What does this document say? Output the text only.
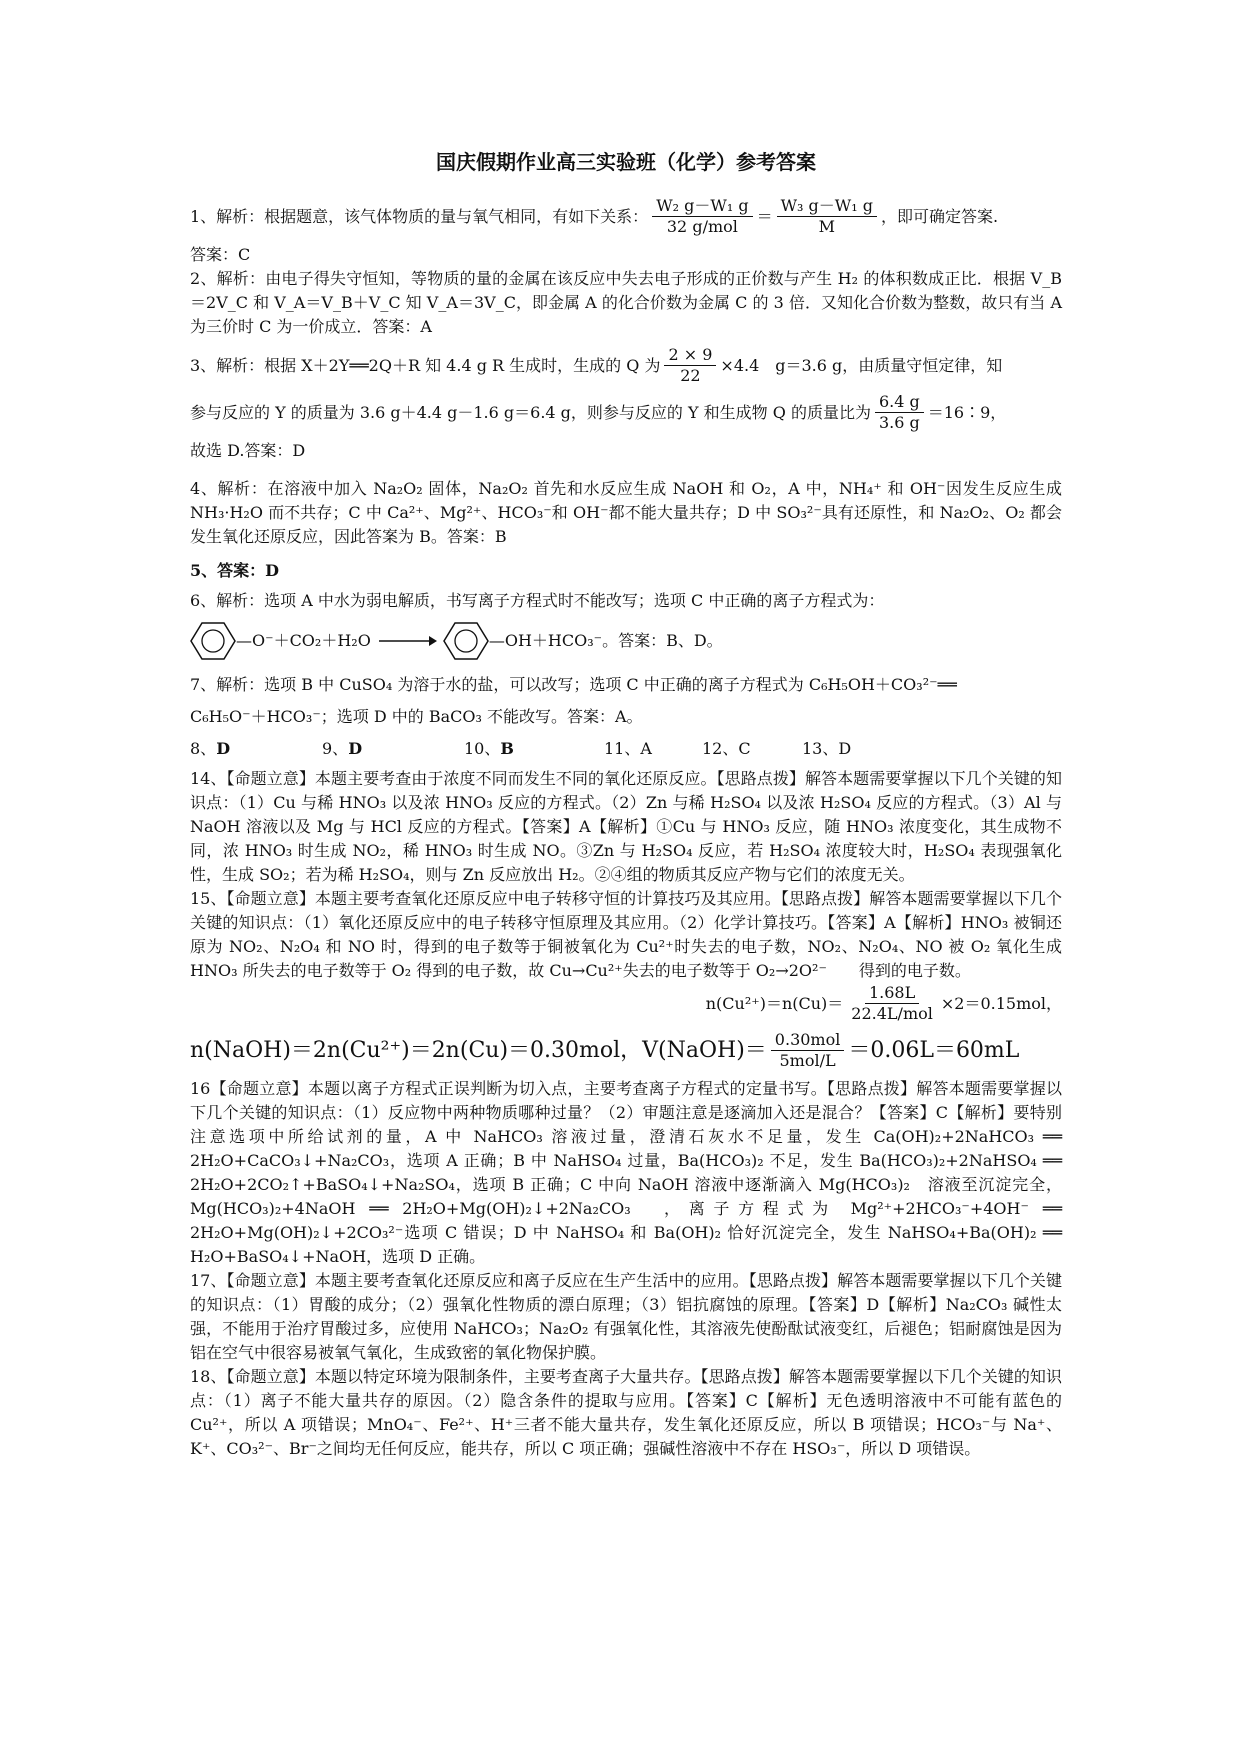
国庆假期作业高三实验班（化学）参考答案
1、解析：根据题意，该气体物质的量与氧气相同，有如下关系： $\frac{\text{W₂ g－W₁ g}}{\text{32 g/mol}} = \frac{\text{W₃ g－W₁ g}}{M}$ ，即可确定答案.
答案：C
2、解析：由电子得失守恒知，等物质的量的金属在该反应中失去电子形成的正价数与产生 H₂ 的体积数成正比．根据 V_B＝2V_C 和 V_A＝V_B＋V_C 知 V_A＝3V_C，即金属 A 的化合价数为金属 C 的 3 倍．又知化合价数为整数，故只有当 A 为三价时 C 为一价成立．答案：A
3、解析：根据 X＋2Y══2Q＋R 知 4.4 g R 生成时，生成的 Q 为 $\frac{2 \times 9}{22} \times 4.4$　g＝3.6 g，由质量守恒定律，知
参与反应的 Y 的质量为 3.6 g＋4.4 g－1.6 g＝6.4 g，则参与反应的 Y 和生成物 Q 的质量比为 $\frac{6.4 g}{3.6 g}$ ＝16∶9，
故选 D.答案：D
4、解析：在溶液中加入 Na₂O₂ 固体，Na₂O₂ 首先和水反应生成 NaOH 和 O₂，A 中，NH₄⁺ 和 OH⁻因发生反应生成 NH₃·H₂O 而不共存；C 中 Ca²⁺、Mg²⁺、HCO₃⁻和 OH⁻都不能大量共存；D 中 SO₃²⁻具有还原性，和 Na₂O₂、O₂ 都会发生氧化还原反应，因此答案为 B。答案：B
5、答案：D
6、解析：选项 A 中水为弱电解质，书写离子方程式时不能改写；选项 C 中正确的离子方程式为：
—O⁻＋CO₂＋H₂O →	—OH＋HCO₃⁻。答案：B、D。
7、解析：选项 B 中 CuSO₄ 为溶于水的盐，可以改写；选项 C 中正确的离子方程式为 C₆H₅OH＋CO₃²⁻══
C₆H₅O⁻＋HCO₃⁻；选项 D 中的 BaCO₃ 不能改写。答案：A。
8、D	9、D	10、B	11、A	12、C	13、D
14、【命题立意】本题主要考查由于浓度不同而发生不同的氧化还原反应。【思路点拨】解答本题需要掌握以下几个关键的知识点：（1）Cu 与稀 HNO₃ 以及浓 HNO₃ 反应的方程式。（2）Zn 与稀 H₂SO₄ 以及浓 H₂SO₄ 反应的方程式。（3）Al 与 NaOH 溶液以及 Mg 与 HCl 反应的方程式。【答案】A【解析】①Cu 与 HNO₃ 反应，随 HNO₃ 浓度变化，其生成物不同，浓 HNO₃ 时生成 NO₂，稀 HNO₃ 时生成 NO。③Zn 与 H₂SO₄ 反应，若 H₂SO₄ 浓度较大时，H₂SO₄ 表现强氧化性，生成 SO₂；若为稀 H₂SO₄，则与 Zn 反应放出 H₂。②④组的物质其反应产物与它们的浓度无关。
15、【命题立意】本题主要考查氧化还原反应中电子转移守恒的计算技巧及其应用。【思路点拨】解答本题需要掌握以下几个关键的知识点：（1）氧化还原反应中的电子转移守恒原理及其应用。（2）化学计算技巧。【答案】A【解析】HNO₃ 被铜还原为 NO₂、N₂O₄ 和 NO 时，得到的电子数等于铜被氧化为 Cu²⁺时失去的电子数，NO₂、N₂O₄、NO 被 O₂ 氧化生成 HNO₃ 所失去的电子数等于 O₂ 得到的电子数，故 Cu→Cu²⁺失去的电子数等于 O₂→2O²⁻　　得到的电子数。
$n(Cu^{2+})=n(Cu)= \frac{1.68L}{\text{22.4L/mol}} \times 2=0.15mol$，
n(NaOH)＝2n(Cu²⁺)＝2n(Cu)＝0.30mol，V(NaOH)＝ $\frac{\text{0.30mol}}{\text{5mol/L}} =0.06L=60mL$
16【命题立意】本题以离子方程式正误判断为切入点，主要考查离子方程式的定量书写。【思路点拨】解答本题需要掌握以下几个关键的知识点：（1）反应物中两种物质哪种过量？（2）审题注意是逐滴加入还是混合？【答案】C【解析】要特别注意选项中所给试剂的量，A 中 NaHCO₃ 溶液过量，澄清石灰水不足量，发生 Ca(OH)₂+2NaHCO₃ ══ 2H₂O+CaCO₃↓+Na₂CO₃，选项 A 正确；B 中 NaHSO₄ 过量，Ba(HCO₃)₂ 不足，发生 Ba(HCO₃)₂+2NaHSO₄ ══ 2H₂O+2CO₂↑+BaSO₄↓+Na₂SO₄，选项 B 正确；C 中向 NaOH 溶液中逐渐滴入 Mg(HCO₃)₂　溶液至沉淀完全，Mg(HCO₃)₂+4NaOH ══ 2H₂O+Mg(OH)₂↓+2Na₂CO₃　，离子方程式为 Mg²⁺+2HCO₃⁻+4OH⁻ ══ 2H₂O+Mg(OH)₂↓+2CO₃²⁻选项 C 错误；D 中 NaHSO₄ 和 Ba(OH)₂ 恰好沉淀完全，发生 NaHSO₄+Ba(OH)₂ ══ H₂O+BaSO₄↓+NaOH，选项 D 正确。
17、【命题立意】本题主要考查氧化还原反应和离子反应在生产生活中的应用。【思路点拨】解答本题需要掌握以下几个关键的知识点：（1）胃酸的成分；（2）强氧化性物质的漂白原理；（3）铝抗腐蚀的原理。【答案】D【解析】Na₂CO₃ 碱性太强，不能用于治疗胃酸过多，应使用 NaHCO₃；Na₂O₂ 有强氧化性，其溶液先使酚酞试液变红，后褪色；铝耐腐蚀是因为铝在空气中很容易被氧气氧化，生成致密的氧化物保护膜。
18、【命题立意】本题以特定环境为限制条件，主要考查离子大量共存。【思路点拨】解答本题需要掌握以下几个关键的知识点：（1）离子不能大量共存的原因。（2）隐含条件的提取与应用。【答案】C【解析】无色透明溶液中不可能有蓝色的 Cu²⁺，所以 A 项错误；MnO₄⁻、Fe²⁺、H⁺三者不能大量共存，发生氧化还原反应，所以 B 项错误；HCO₃⁻与 Na⁺、K⁺、CO₃²⁻、Br⁻之间均无任何反应，能共存，所以 C 项正确；强碱性溶液中不存在 HSO₃⁻，所以 D 项错误。
